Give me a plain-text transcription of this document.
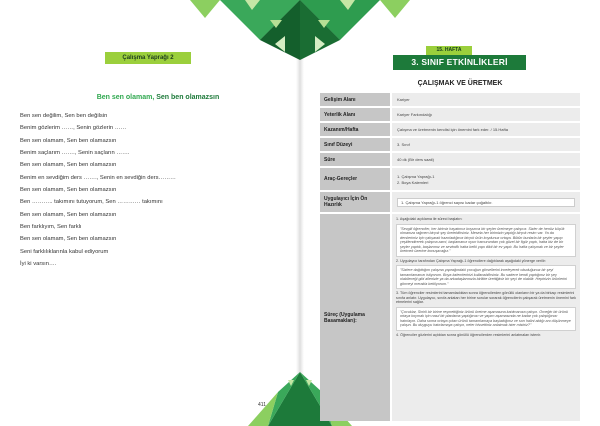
Çalışma Yaprağı 2
Ben sen olamam, Sen ben olamazsın
Ben sen değilim, Sen ben değilsin
Benim gözlerim ……, Senin gözlerin ……
Ben sen olamam, Sen ben olamazsın
Benim saçlarım ……., Senin saçların …….
Ben sen olamam, Sen ben olamazsın
Benim en sevdiğim ders ……., Senin en sevdiğin ders………
Ben sen olamam, Sen ben olamazsın
Ben ……….. takımını tutuyorum, Sen ………… takımını
Ben sen olamam, Sen ben olamazsın
Ben farklıyım, Sen farklı
Ben sen olamam, Sen ben olamazsın
Seni farklılıklarınla kabul ediyorum
İyi ki varsın….
411
15. HAFTA
3. SINIF ETKİNLİKLERİ
ÇALIŞMAK VE ÜRETMEK
Gelişim Alanı	Kariyer
Yeterlik Alanı	Kariyer Farkındalığı
Kazanım/Hafta	Çalışma ve üretmenin kendisi için önemini fark eder. / 15.Hafta
Sınıf Düzeyi	3. Sınıf
Süre	40 dk (Bir ders saati)
Araç-Gereçler	1. Çalışma Yaprağı-1
2. Boya Kalemleri
Uygulayıcı İçin Ön Hazırlık	1. Çalışma Yaprağı-1 öğrenci sayısı kadar çoğaltılır.
Süreç (Uygulama Basamakları):
1. Aşağıdaki açıklama ile süreci başlatın:
"Sevgili öğrenciler, her birimiz hayatımız boyunca bir şeyler üretmeye çalışırız. Sizler de henüz küçük olmanıza rağmen birçok şey üretebilirsiniz. Mesela her birimizin yaptığı birçok resim var. Ya da derslerimiz için çalışarak hazırladığınız birçok ürün koydunuz ortaya. Bütün bunlarla bir şeyler yapıp çeşitlendirerek çalışma azmi, başlamanız oyun hamurundan çok güzel bir figür yaptı, hatta biz de bir şeyler yaptık, başlarımız ve sevindik hatta belki yapı dikti bir ev yaptı. Bu hafta çalışmak ve bir şeyler üretmek üzerine konuşacağız."
2. Uygulayıcı tarafından Çalışma Yaprağı-1 öğrencilere dağıtılarak aşağıdaki yönerge verilir:
"Sizlere dağıttığım çalışma yaprağındaki çocuğun görsellerini inceleyerek okuduğunuz bir şeyi tamamlamanızı istiyorum. Boya kalemlerinizi kullanabilirsiniz. Bu sadece kendi yaptığınız bir şey olabileceği gibi ailenizle ya da arkadaşlarınızla birlikte ürettiğiniz bir şeyi de olabilir. Hepinizin ürünlerini görmeyi merakla bekliyorum."
3. Tüm öğrenciler resimlerini tamamladıktan sonra öğrencilerden gönüllü olanların bir ya da birkaçı resimlerini sınıfa anlatır. Uygulayıcı, sınıfa anlatan her birine sorular sorarak öğrencilerin çalışarak üretmenin önemini fark etmelerini sağlar.
"Çocuklar, Sinirli bir birine reşmettiğiniz ürünü üretme aşamasına katılmanıza çalışın. Örneğin bir ürünü ortaya koymak için nasıl bir planlama yaptığınızı ve yapım aşamasında ne kadar çok çalıştığınızı hatırlayın. Daha sonra ortaya çıkan ürünü tamamlamaya başladığınız ve son halini aldığı anı düşünmeye çalışın. Bu duyguyu hatırlamaya çalışın, neler hissettiniz anlatmak ister misiniz?"
4. Öğrenciler gözlerini açtıktan sonra gönüllü öğrencilerden resimlerini anlatmaları istenir.
